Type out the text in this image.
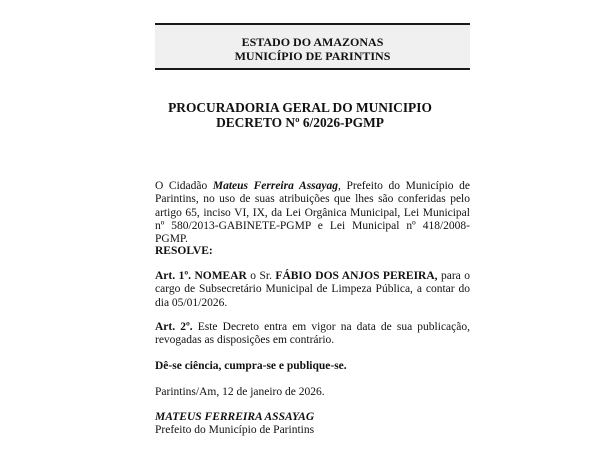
ESTADO DO AMAZONAS
MUNICÍPIO DE PARINTINS
PROCURADORIA GERAL DO MUNICIPIO
DECRETO Nº 6/2026-PGMP
O Cidadão Mateus Ferreira Assayag, Prefeito do Município de Parintins, no uso de suas atribuições que lhes são conferidas pelo artigo 65, inciso VI, IX, da Lei Orgânica Municipal, Lei Municipal nº 580/2013-GABINETE-PGMP e Lei Municipal nº 418/2008-PGMP.
RESOLVE:
Art. 1º. NOMEAR o Sr. FÁBIO DOS ANJOS PEREIRA, para o cargo de Subsecretário Municipal de Limpeza Pública, a contar do dia 05/01/2026.
Art. 2º. Este Decreto entra em vigor na data de sua publicação, revogadas as disposições em contrário.
Dê-se ciência, cumpra-se e publique-se.
Parintins/Am, 12 de janeiro de 2026.
MATEUS FERREIRA ASSAYAG
Prefeito do Município de Parintins
